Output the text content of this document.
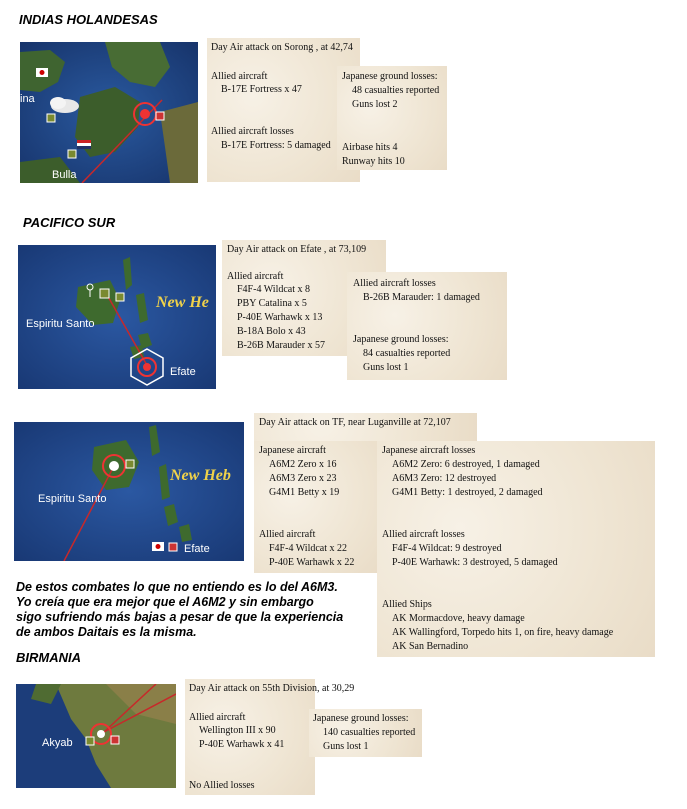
INDIAS HOLANDESAS
PACIFICO SUR
BIRMANIA
ina
Bulla
Day Air attack on Sorong , at 42,74
Allied aircraft
B-17E Fortress x 47
Allied aircraft losses
B-17E Fortress: 5 damaged
Japanese ground losses:
48 casualties reported
Guns lost 2
Airbase hits 4
Runway hits 10
New He
Espiritu Santo
Efate
Day Air attack on Efate , at 73,109
Allied aircraft
F4F-4 Wildcat x 8
PBY Catalina x 5
P-40E Warhawk x 13
B-18A Bolo x 43
B-26B Marauder x 57
Allied aircraft losses
B-26B Marauder: 1 damaged
Japanese ground losses:
84 casualties reported
Guns lost 1
New Heb
Espiritu Santo
Efate
Day Air attack on TF, near Luganville at 72,107
Japanese aircraft
A6M2 Zero x 16
A6M3 Zero x 23
G4M1 Betty x 19
Allied aircraft
F4F-4 Wildcat x 22
P-40E Warhawk x 22
Japanese aircraft losses
A6M2 Zero: 6 destroyed, 1 damaged
A6M3 Zero: 12 destroyed
G4M1 Betty: 1 destroyed, 2 damaged
Allied aircraft losses
F4F-4 Wildcat: 9 destroyed
P-40E Warhawk: 3 destroyed, 5 damaged
Allied Ships
AK Mormacdove, heavy damage
AK Wallingford, Torpedo hits 1, on fire, heavy damage
AK San Bernadino
De estos combates lo que no entiendo es lo del A6M3.
Yo creía que era mejor que el A6M2 y sin embargo
sigo sufriendo más bajas a pesar de que la experiencia
de ambos Daitais es la misma.
Akyab
Day Air attack on 55th Division, at 30,29
Allied aircraft
Wellington III x 90
P-40E Warhawk x 41
No Allied losses
Japanese ground losses:
140 casualties reported
Guns lost 1
